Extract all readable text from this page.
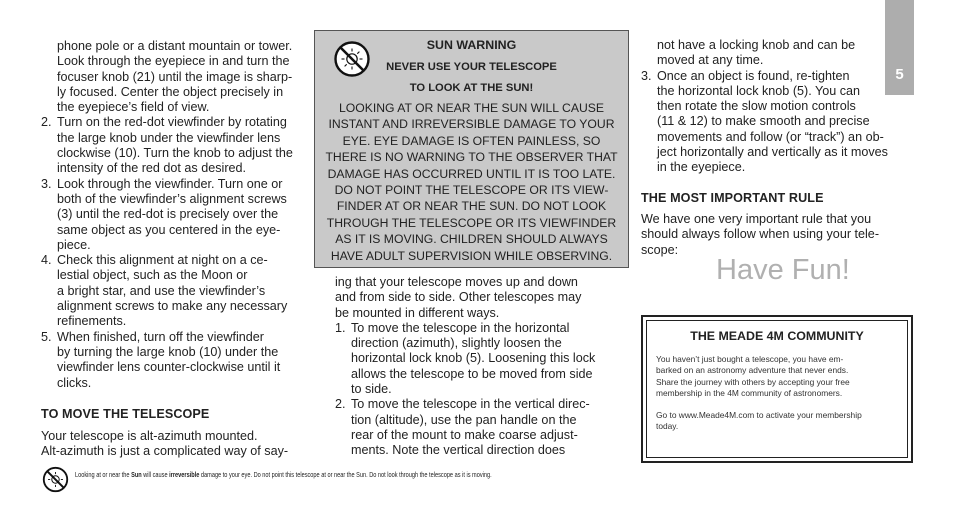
5

phone pole or a distant mountain or tower.

Look through the eyepiece in and turn the

focuser knob (21) until the image is sharp-

ly focused. Center the object precisely in

the eyepiece’s field of view.

2. Turn on the red-dot viewfinder by rotating

the large knob under the viewfinder lens

clockwise (10). Turn the knob to adjust the

intensity of the red dot as desired.

3. Look through the viewfinder. Turn one or

both of the viewfinder’s alignment screws

(3) until the red-dot is precisely over the

same object as you centered in the eye-

piece.

4. Check this alignment at night on a ce-

lestial object, such as the Moon or

a bright star, and use the viewfinder’s

alignment screws to make any necessary

refinements.

5. When finished, turn off the viewfinder

by turning the large knob (10) under the

viewfinder lens counter-clockwise until it

clicks.

TO MOVE THE TELESCOPE

Your telescope is alt-azimuth mounted.

Alt-azimuth is just a complicated way of say-

SUN WARNING
NEVER USE YOUR TELESCOPE
TO LOOK AT THE SUN!
LOOKING AT OR NEAR THE SUN WILL CAUSE
INSTANT AND IRREVERSIBLE DAMAGE TO YOUR
EYE. EYE DAMAGE IS OFTEN PAINLESS, SO
THERE IS NO WARNING TO THE OBSERVER THAT
DAMAGE HAS OCCURRED UNTIL IT IS TOO LATE.
DO NOT POINT THE TELESCOPE OR ITS VIEW-
FINDER AT OR NEAR THE SUN. DO NOT LOOK
THROUGH THE TELESCOPE OR ITS VIEWFINDER
AS IT IS MOVING. CHILDREN SHOULD ALWAYS
HAVE ADULT SUPERVISION WHILE OBSERVING.

ing that your telescope moves up and down

and from side to side. Other telescopes may

be mounted in different ways.

1. To move the telescope in the horizontal

direction (azimuth), slightly loosen the

horizontal lock knob (5). Loosening this lock

allows the telescope to be moved from side

to side.

2. To move the telescope in the vertical direc-

tion (altitude), use the pan handle on the

rear of the mount to make coarse adjust-

ments. Note the vertical direction does

not have a locking knob and can be

moved at any time.

3. Once an object is found, re-tighten

the horizontal lock knob (5). You can

then rotate the slow motion controls

(11 & 12) to make smooth and precise

movements and follow (or “track”) an ob-

ject horizontally and vertically as it moves

in the eyepiece.

THE MOST IMPORTANT RULE

We have one very important rule that you

should always follow when using your tele-

scope:

Have Fun!
THE MEADE 4M COMMUNITY
You haven’t just bought a telescope, you have em-
barked on an astronomy adventure that never ends.
Share the journey with others by accepting your free
membership in the 4M community of astronomers.
Go to www.Meade4M.com to activate your membership
today.
Looking at or near the Sun will cause irreversible damage to your eye. Do not point this telescope at or near the Sun. Do not look through the telescope as it is moving.
